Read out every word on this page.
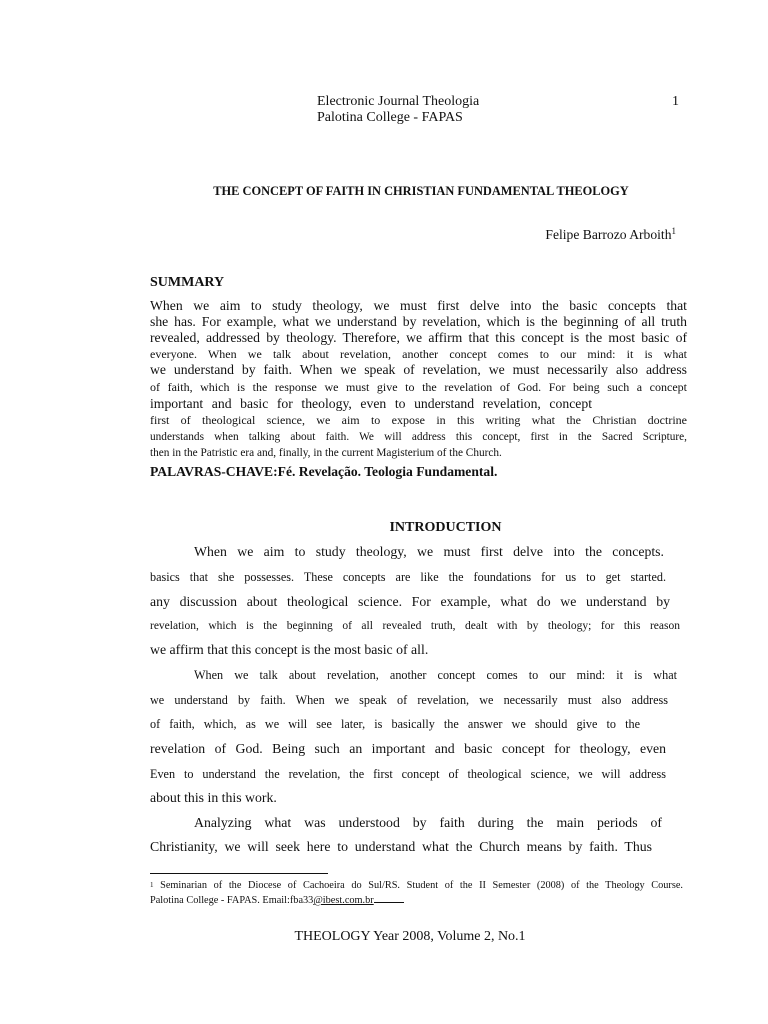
Electronic Journal Theologia
Palotina College - FAPAS
1
THE CONCEPT OF FAITH IN CHRISTIAN FUNDAMENTAL THEOLOGY
Felipe Barrozo Arboith$^1$
SUMMARY
When we aim to study theology, we must first delve into the basic concepts that
she has. For example, what we understand by revelation, which is the beginning of all truth
revealed, addressed by theology. Therefore, we affirm that this concept is the most basic of
everyone. When we talk about revelation, another concept comes to our mind: it is what
we understand by faith. When we speak of revelation, we must necessarily also address
of faith, which is the response we must give to the revelation of God. For being such a concept
important and basic for theology, even to understand revelation, concept
first of theological science, we aim to expose in this writing what the Christian doctrine
understands when talking about faith. We will address this concept, first in the Sacred Scripture,
then in the Patristic era and, finally, in the current Magisterium of the Church.
PALAVRAS-CHAVE:Fé. Revelação. Teologia Fundamental.
INTRODUCTION
When we aim to study theology, we must first delve into the concepts.
basics that she possesses. These concepts are like the foundations for us to get started.
any discussion about theological science. For example, what do we understand by
revelation, which is the beginning of all revealed truth, dealt with by theology; for this reason
we affirm that this concept is the most basic of all.
When we talk about revelation, another concept comes to our mind: it is what
we understand by faith. When we speak of revelation, we necessarily must also address
of faith, which, as we will see later, is basically the answer we should give to the
revelation of God. Being such an important and basic concept for theology, even
Even to understand the revelation, the first concept of theological science, we will address
about this in this work.
Analyzing what was understood by faith during the main periods of
Christianity, we will seek here to understand what the Church means by faith. Thus
$^1$ Seminarian of the Diocese of Cachoeira do Sul/RS. Student of the II Semester (2008) of the Theology Course.
Palotina College - FAPAS. Email:fba33@ibest.com.br
THEOLOGY Year 2008, Volume 2, No.1
